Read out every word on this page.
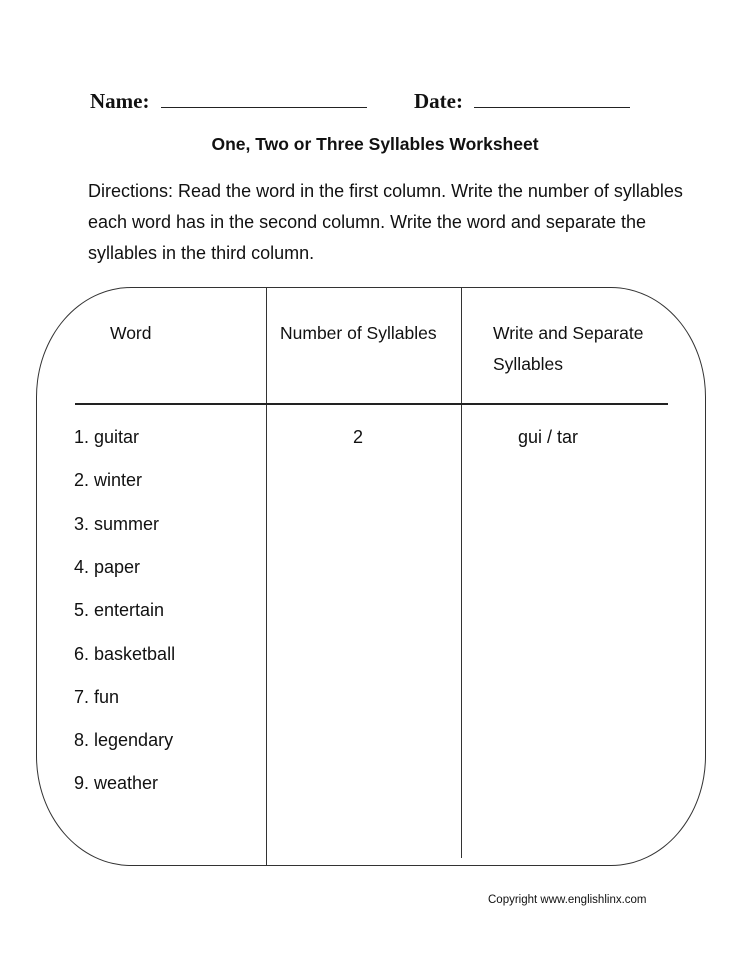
Name:	Date:
One, Two or Three Syllables Worksheet
Directions: Read the word in the first column. Write the number of syllables each word has in the second column. Write the word and separate the syllables in the third column.
Word	Number of Syllables	Write and Separate Syllables
1. guitar	2	gui / tar
2. winter
3. summer
4. paper
5. entertain
6. basketball
7. fun
8. legendary
9. weather
Copyright www.englishlinx.com
